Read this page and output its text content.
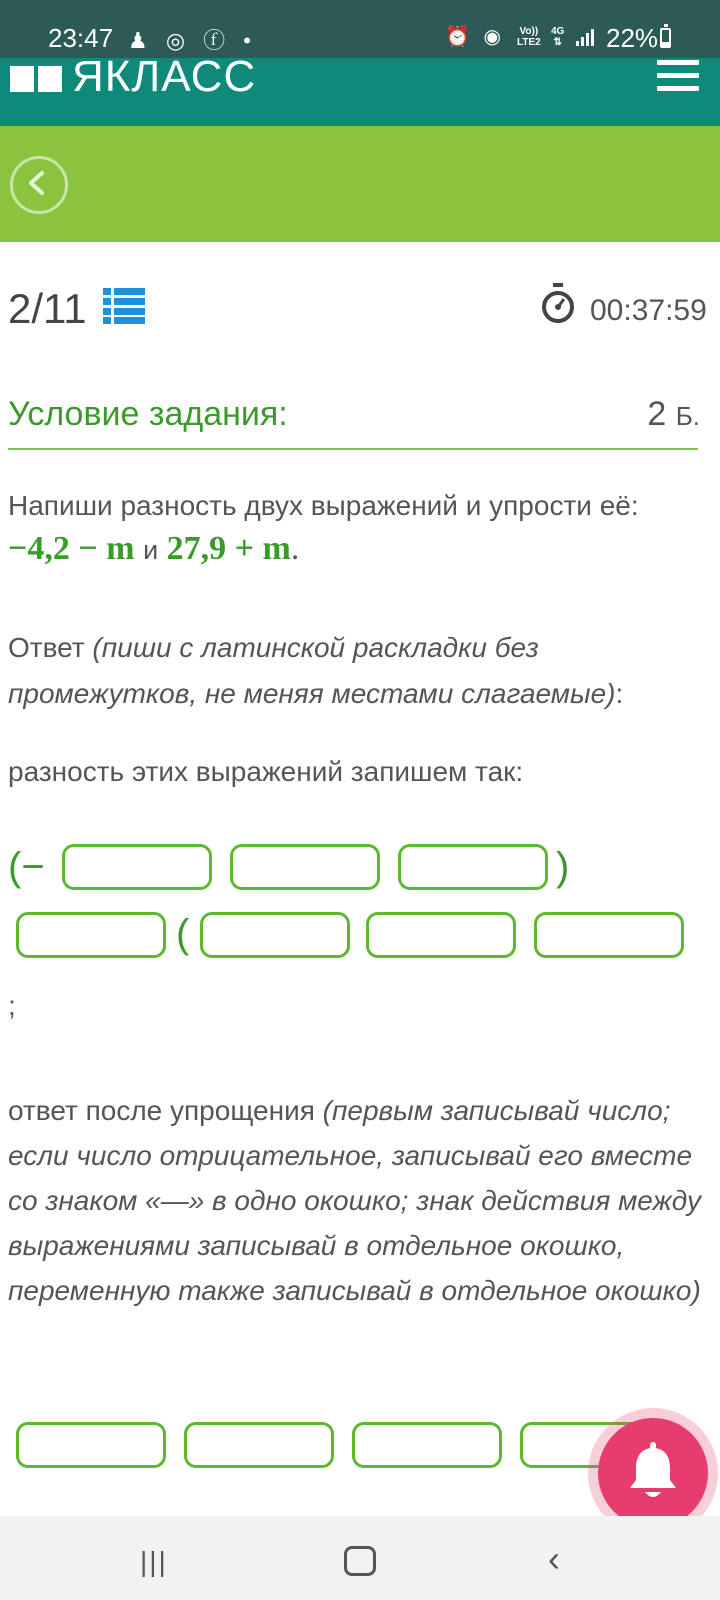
23:47 ♟ ◎ ⓕ •	⏰ ◉ Vo))
LTE2
4G
⇅ 22%
ЯКЛАСС
2/11	00:37:59
Условие задания:	2 Б.
Напиши разность двух выражений и упрости её:
−4,2 − m и 27,9 + m.
Ответ (пиши с латинской раскладки без промежутков, не меняя местами слагаемые):
разность этих выражений запишем так:
(−	)
(
;
ответ после упрощения (первым записывай число; если число отрицательное, записывай его вместе со знаком «—» в одно окошко; знак действия между выражениями записывай в отдельное окошко, переменную также записывай в отдельное окошко)
|||	‹
